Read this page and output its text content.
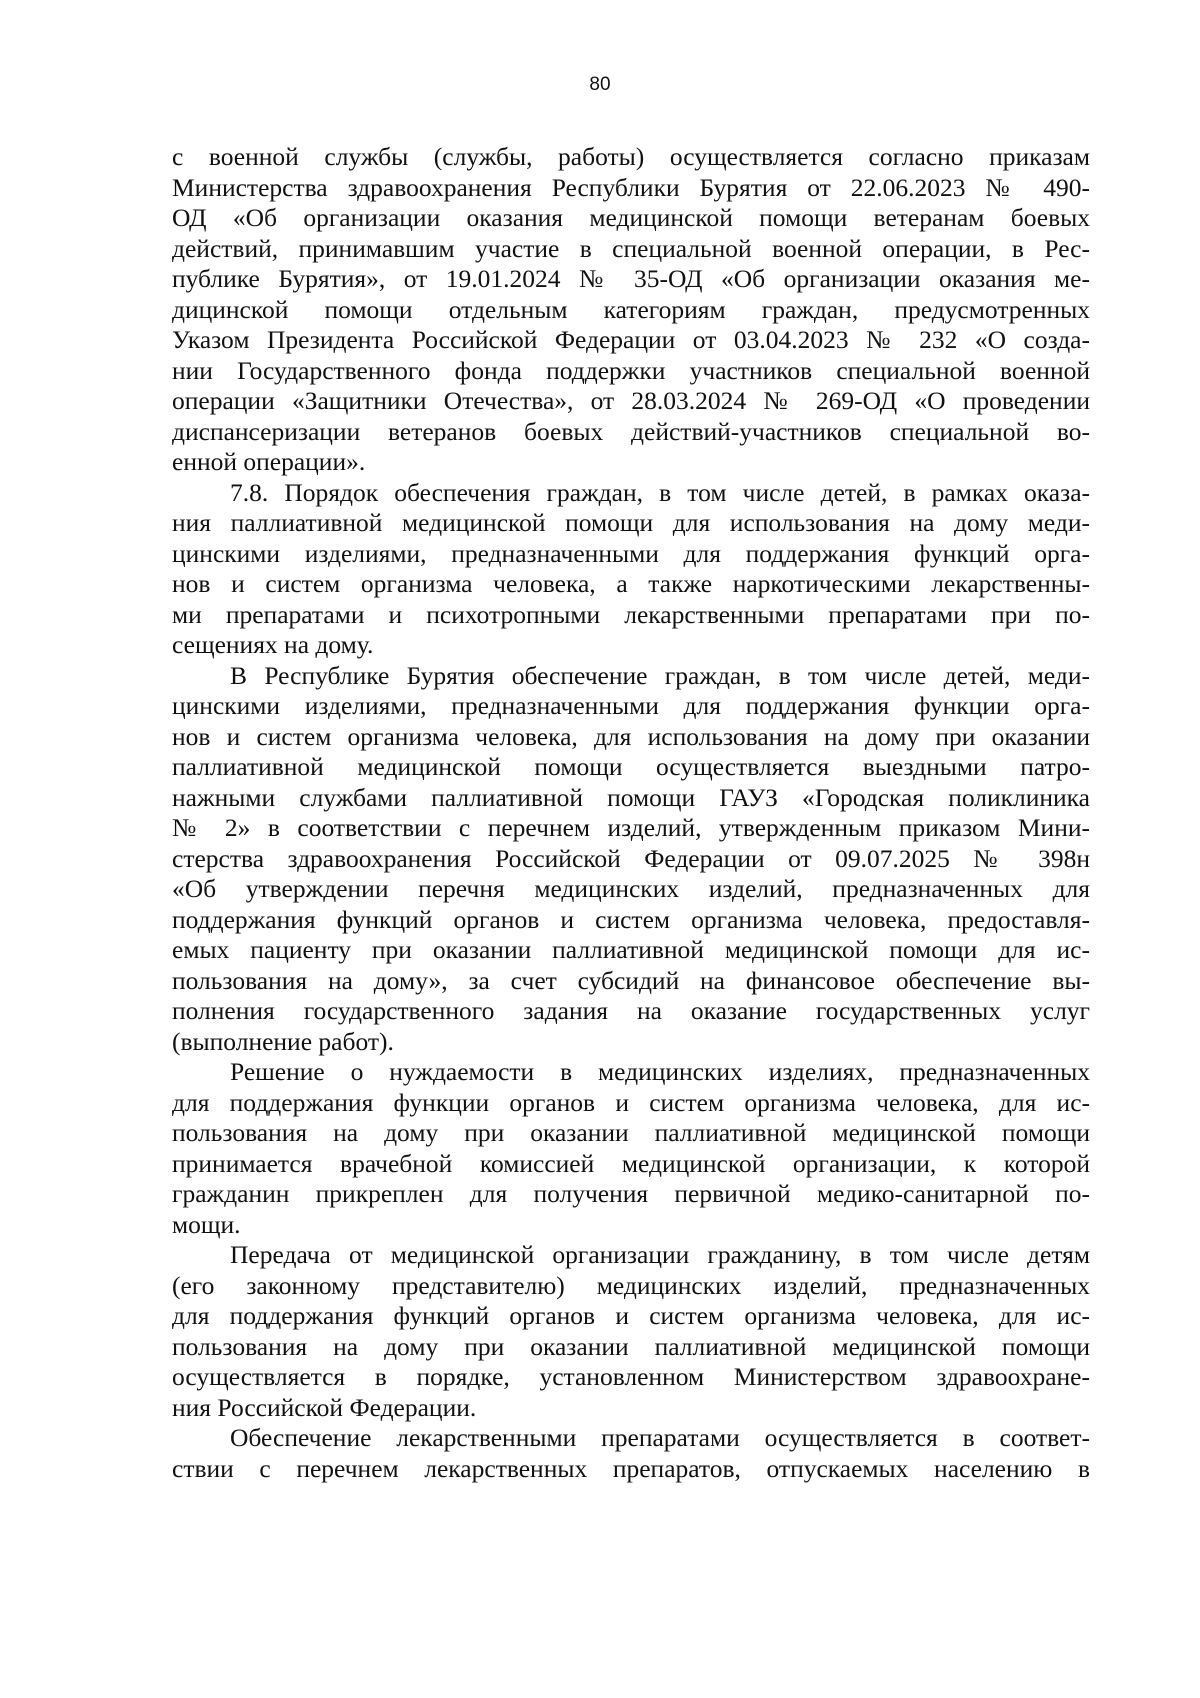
80
с военной службы (службы, работы) осуществляется согласно приказам
Министерства здравоохранения Республики Бурятия от 22.06.2023 № 490-
ОД «Об организации оказания медицинской помощи ветеранам боевых
действий, принимавшим участие в специальной военной операции, в Рес-
публике Бурятия», от 19.01.2024 № 35-ОД «Об организации оказания ме-
дицинской помощи отдельным категориям граждан, предусмотренных
Указом Президента Российской Федерации от 03.04.2023 № 232 «О созда-
нии Государственного фонда поддержки участников специальной военной
операции «Защитники Отечества», от 28.03.2024 № 269-ОД «О проведении
диспансеризации ветеранов боевых действий-участников специальной во-
енной операции».
7.8. Порядок обеспечения граждан, в том числе детей, в рамках оказа-
ния паллиативной медицинской помощи для использования на дому меди-
цинскими изделиями, предназначенными для поддержания функций орга-
нов и систем организма человека, а также наркотическими лекарственны-
ми препаратами и психотропными лекарственными препаратами при по-
сещениях на дому.
В Республике Бурятия обеспечение граждан, в том числе детей, меди-
цинскими изделиями, предназначенными для поддержания функции орга-
нов и систем организма человека, для использования на дому при оказании
паллиативной медицинской помощи осуществляется выездными патро-
нажными службами паллиативной помощи ГАУЗ «Городская поликлиника
№ 2» в соответствии с перечнем изделий, утвержденным приказом Мини-
стерства здравоохранения Российской Федерации от 09.07.2025 № 398н
«Об утверждении перечня медицинских изделий, предназначенных для
поддержания функций органов и систем организма человека, предоставля-
емых пациенту при оказании паллиативной медицинской помощи для ис-
пользования на дому», за счет субсидий на финансовое обеспечение вы-
полнения государственного задания на оказание государственных услуг
(выполнение работ).
Решение о нуждаемости в медицинских изделиях, предназначенных
для поддержания функции органов и систем организма человека, для ис-
пользования на дому при оказании паллиативной медицинской помощи
принимается врачебной комиссией медицинской организации, к которой
гражданин прикреплен для получения первичной медико-санитарной по-
мощи.
Передача от медицинской организации гражданину, в том числе детям
(его законному представителю) медицинских изделий, предназначенных
для поддержания функций органов и систем организма человека, для ис-
пользования на дому при оказании паллиативной медицинской помощи
осуществляется в порядке, установленном Министерством здравоохране-
ния Российской Федерации.
Обеспечение лекарственными препаратами осуществляется в соответ-
ствии с перечнем лекарственных препаратов, отпускаемых населению в
